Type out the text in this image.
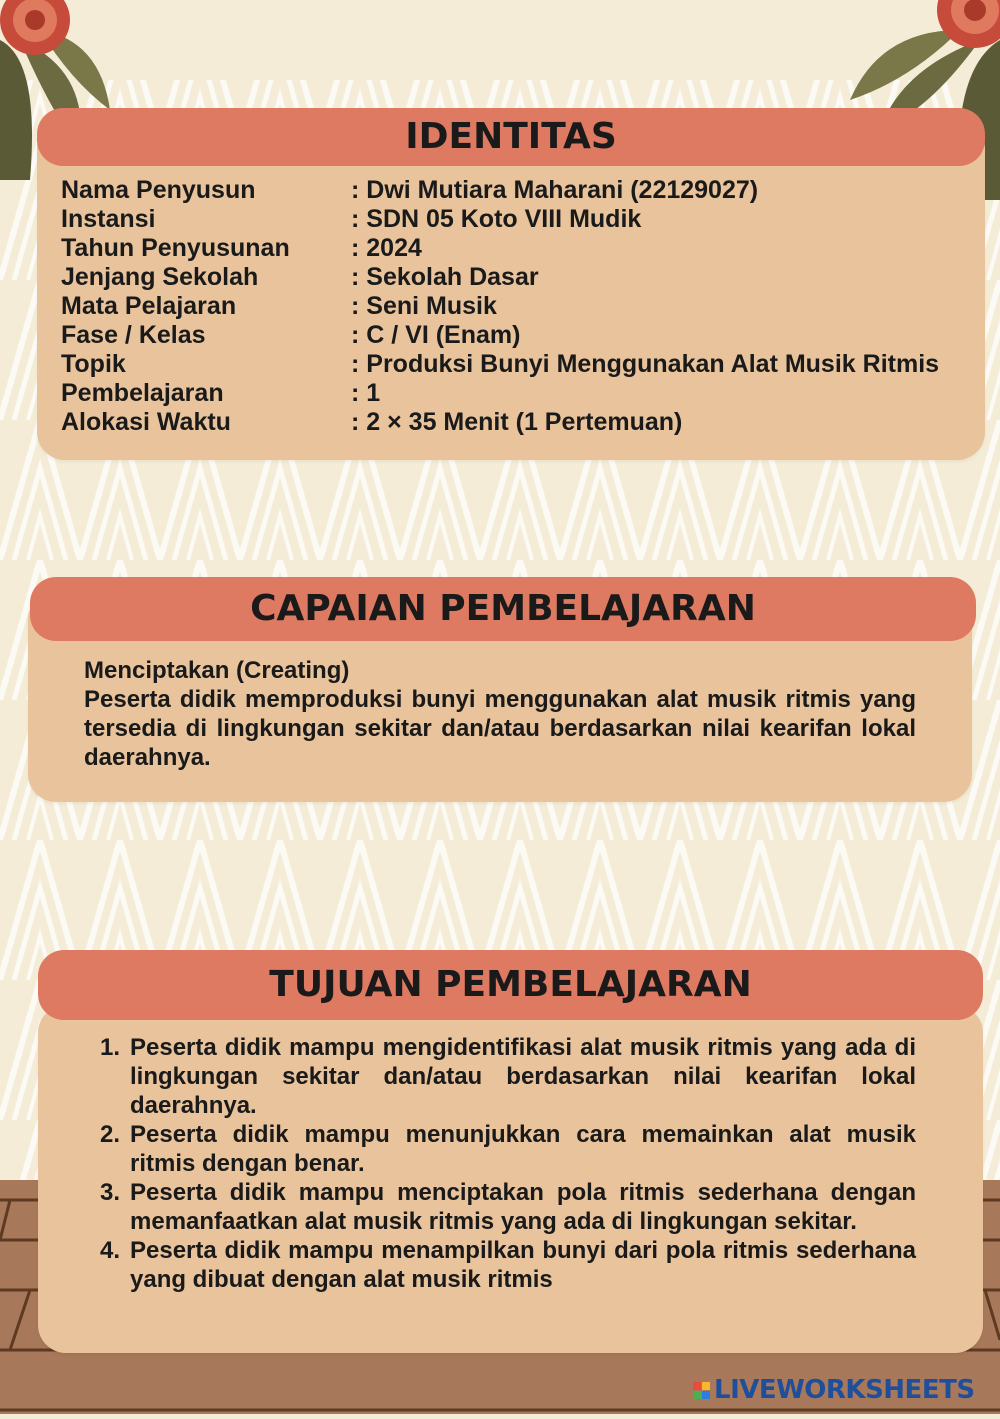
IDENTITAS
Nama Penyusun	: Dwi Mutiara Maharani (22129027)
Instansi	: SDN 05 Koto VIII Mudik
Tahun Penyusunan	: 2024
Jenjang Sekolah	: Sekolah Dasar
Mata Pelajaran	: Seni Musik
Fase / Kelas	: C / VI (Enam)
Topik	: Produksi Bunyi Menggunakan Alat Musik Ritmis
Pembelajaran	: 1
Alokasi Waktu	: 2 × 35 Menit (1 Pertemuan)
CAPAIAN PEMBELAJARAN
Menciptakan (Creating)
Peserta didik memproduksi bunyi menggunakan alat musik ritmis yang tersedia di lingkungan sekitar dan/atau berdasarkan nilai kearifan lokal daerahnya.
TUJUAN PEMBELAJARAN
1. Peserta didik mampu mengidentifikasi alat musik ritmis yang ada di lingkungan sekitar dan/atau berdasarkan nilai kearifan lokal daerahnya.
2. Peserta didik mampu menunjukkan cara memainkan alat musik ritmis dengan benar.
3. Peserta didik mampu menciptakan pola ritmis sederhana dengan memanfaatkan alat musik ritmis yang ada di lingkungan sekitar.
4. Peserta didik mampu menampilkan bunyi dari pola ritmis sederhana yang dibuat dengan alat musik ritmis
LIVEWORKSHEETS
